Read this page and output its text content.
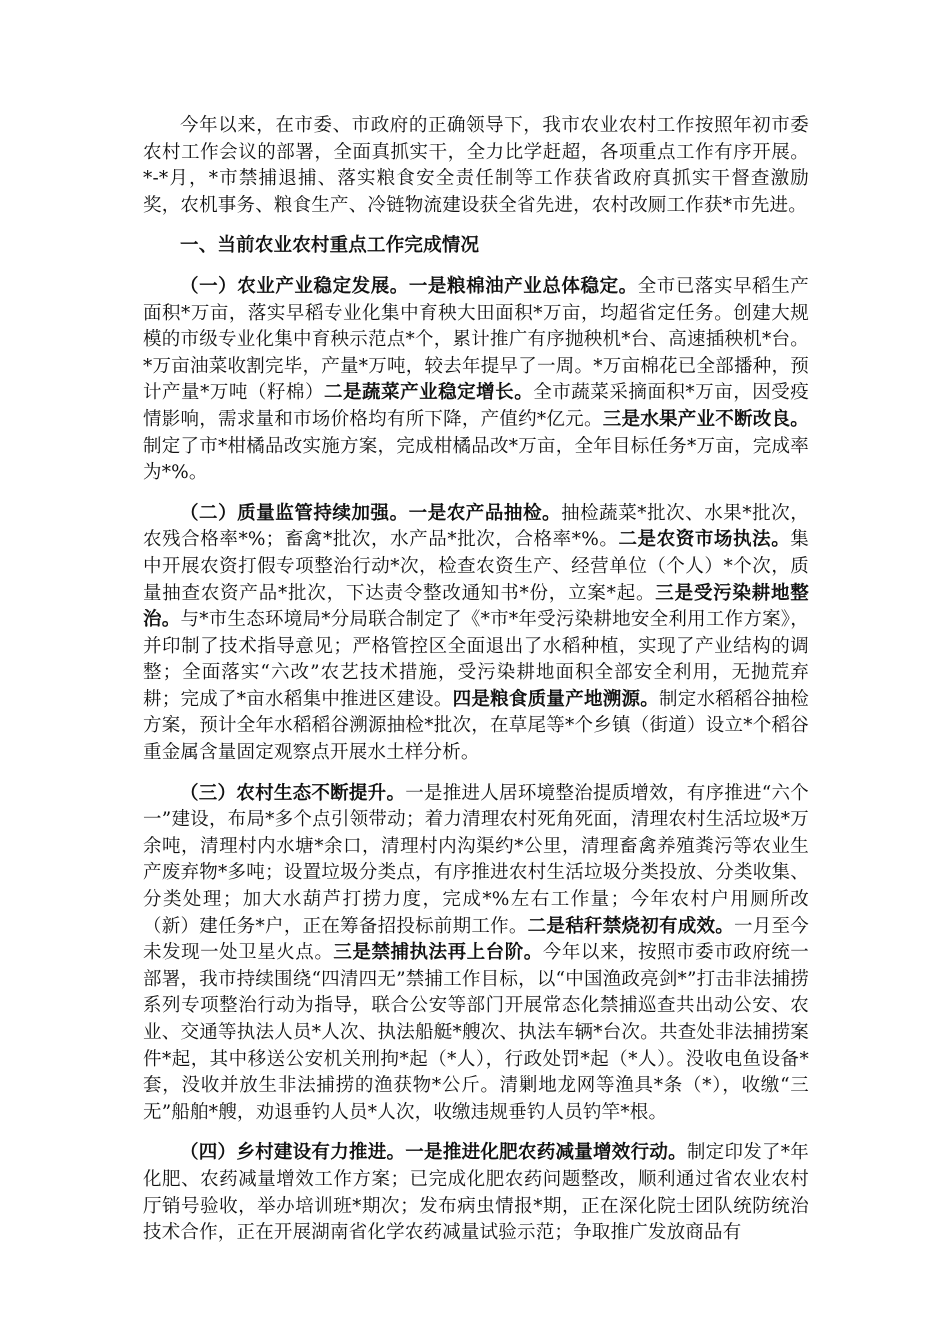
今年以来，在市委、市政府的正确领导下，我市农业农村工作按照年初市委农村工作会议的部署，全面真抓实干，全力比学赶超，各项重点工作有序开展。*-*月，*市禁捕退捕、落实粮食安全责任制等工作获省政府真抓实干督查激励奖，农机事务、粮食生产、冷链物流建设获全省先进，农村改厕工作获*市先进。

一、当前农业农村重点工作完成情况

（一）农业产业稳定发展。一是粮棉油产业总体稳定。全市已落实早稻生产面积*万亩，落实早稻专业化集中育秧大田面积*万亩，均超省定任务。创建大规模的市级专业化集中育秧示范点*个，累计推广有序抛秧机*台、高速插秧机*台。*万亩油菜收割完毕，产量*万吨，较去年提早了一周。*万亩棉花已全部播种，预计产量*万吨（籽棉）二是蔬菜产业稳定增长。全市蔬菜采摘面积*万亩，因受疫情影响，需求量和市场价格均有所下降，产值约*亿元。三是水果产业不断改良。制定了市*柑橘品改实施方案，完成柑橘品改*万亩，全年目标任务*万亩，完成率为*%。

（二）质量监管持续加强。一是农产品抽检。抽检蔬菜*批次、水果*批次，农残合格率*%；畜禽*批次，水产品*批次，合格率*%。二是农资市场执法。集中开展农资打假专项整治行动*次，检查农资生产、经营单位（个人）*个次，质量抽查农资产品*批次，下达责令整改通知书*份，立案*起。三是受污染耕地整治。与*市生态环境局*分局联合制定了《*市*年受污染耕地安全利用工作方案》，并印制了技术指导意见；严格管控区全面退出了水稻种植，实现了产业结构的调整；全面落实“六改”农艺技术措施，受污染耕地面积全部安全利用，无抛荒弃耕；完成了*亩水稻集中推进区建设。四是粮食质量产地溯源。制定水稻稻谷抽检方案，预计全年水稻稻谷溯源抽检*批次，在草尾等*个乡镇（街道）设立*个稻谷重金属含量固定观察点开展水土样分析。

（三）农村生态不断提升。一是推进人居环境整治提质增效，有序推进“六个一”建设，布局*多个点引领带动；着力清理农村死角死面，清理农村生活垃圾*万余吨，清理村内水塘*余口，清理村内沟渠约*公里，清理畜禽养殖粪污等农业生产废弃物*多吨；设置垃圾分类点，有序推进农村生活垃圾分类投放、分类收集、分类处理；加大水葫芦打捞力度，完成*%左右工作量；今年农村户用厕所改（新）建任务*户，正在筹备招投标前期工作。二是秸秆禁烧初有成效。一月至今未发现一处卫星火点。三是禁捕执法再上台阶。今年以来，按照市委市政府统一部署，我市持续围绕“四清四无”禁捕工作目标，以“中国渔政亮剑*”打击非法捕捞系列专项整治行动为指导，联合公安等部门开展常态化禁捕巡查共出动公安、农业、交通等执法人员*人次、执法船艇*艘次、执法车辆*台次。共查处非法捕捞案件*起，其中移送公安机关刑拘*起（*人），行政处罚*起（*人）。没收电鱼设备*套，没收并放生非法捕捞的渔获物*公斤。清剿地龙网等渔具*条（*），收缴“三无”船舶*艘，劝退垂钓人员*人次，收缴违规垂钓人员钓竿*根。

（四）乡村建设有力推进。一是推进化肥农药减量增效行动。制定印发了*年化肥、农药减量增效工作方案；已完成化肥农药问题整改，顺利通过省农业农村厅销号验收，举办培训班*期次；发布病虫情报*期，正在深化院士团队统防统治技术合作，正在开展湖南省化学农药减量试验示范；争取推广发放商品有
